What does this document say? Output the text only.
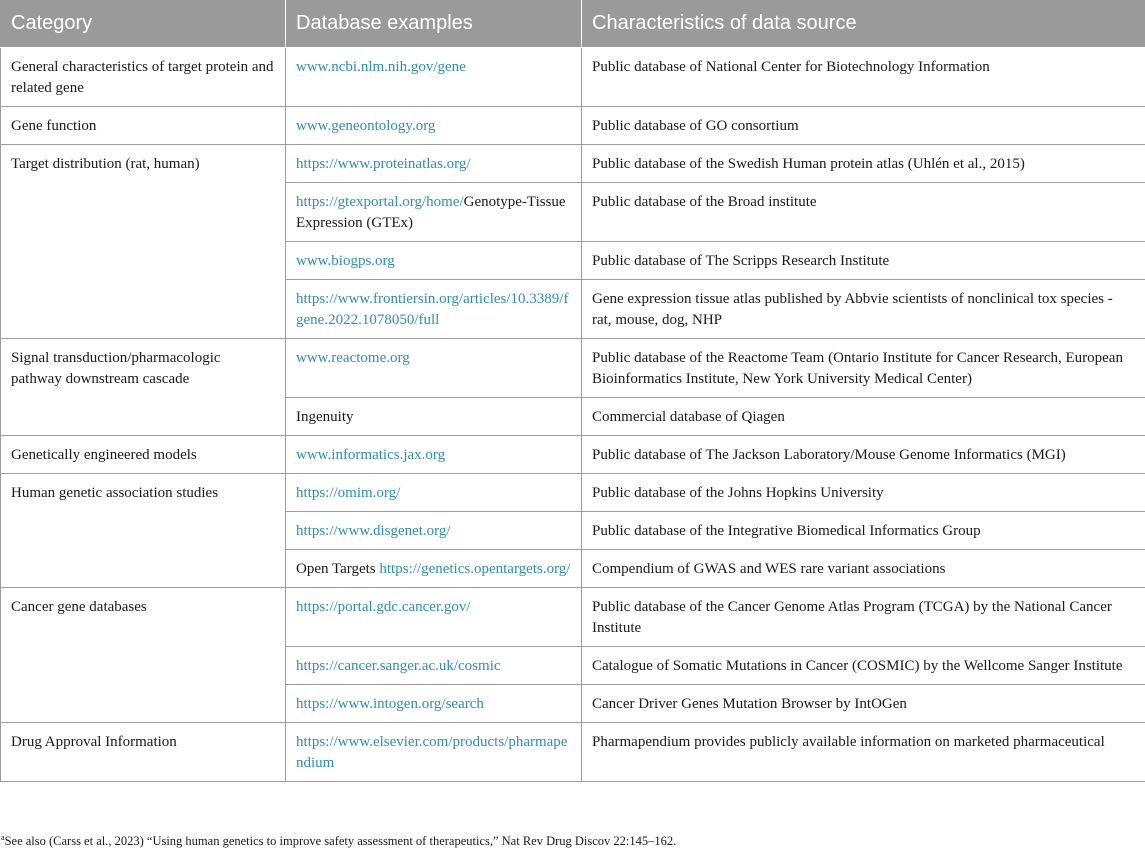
Category	Database examples	Characteristics of data source
General characteristics of target protein and related gene	www.ncbi.nlm.nih.gov/gene	Public database of National Center for Biotechnology Information
Gene function	www.geneontology.org	Public database of GO consortium
Target distribution (rat, human)	https://www.proteinatlas.org/	Public database of the Swedish Human protein atlas (Uhlén et al., 2015)
	https://gtexportal.org/home/Genotype-Tissue Expression (GTEx)	Public database of the Broad institute
	www.biogps.org	Public database of The Scripps Research Institute
	https://www.frontiersin.org/articles/10.3389/fgene.2022.1078050/full	Gene expression tissue atlas published by Abbvie scientists of nonclinical tox species - rat, mouse, dog, NHP
Signal transduction/pharmacologic pathway downstream cascade	www.reactome.org	Public database of the Reactome Team (Ontario Institute for Cancer Research, European Bioinformatics Institute, New York University Medical Center)
	Ingenuity	Commercial database of Qiagen
Genetically engineered models	www.informatics.jax.org	Public database of The Jackson Laboratory/Mouse Genome Informatics (MGI)
Human genetic association studies	https://omim.org/	Public database of the Johns Hopkins University
	https://www.disgenet.org/	Public database of the Integrative Biomedical Informatics Group
	Open Targets https://genetics.opentargets.org/	Compendium of GWAS and WES rare variant associations
Cancer gene databases	https://portal.gdc.cancer.gov/	Public database of the Cancer Genome Atlas Program (TCGA) by the National Cancer Institute
	https://cancer.sanger.ac.uk/cosmic	Catalogue of Somatic Mutations in Cancer (COSMIC) by the Wellcome Sanger Institute
	https://www.intogen.org/search	Cancer Driver Genes Mutation Browser by IntOGen
Drug Approval Information	https://www.elsevier.com/products/pharmapendium	Pharmapendium provides publicly available information on marketed pharmaceutical
$^a$See also (Carss et al., 2023) “Using human genetics to improve safety assessment of therapeutics,” Nat Rev Drug Discov 22:145–162.
